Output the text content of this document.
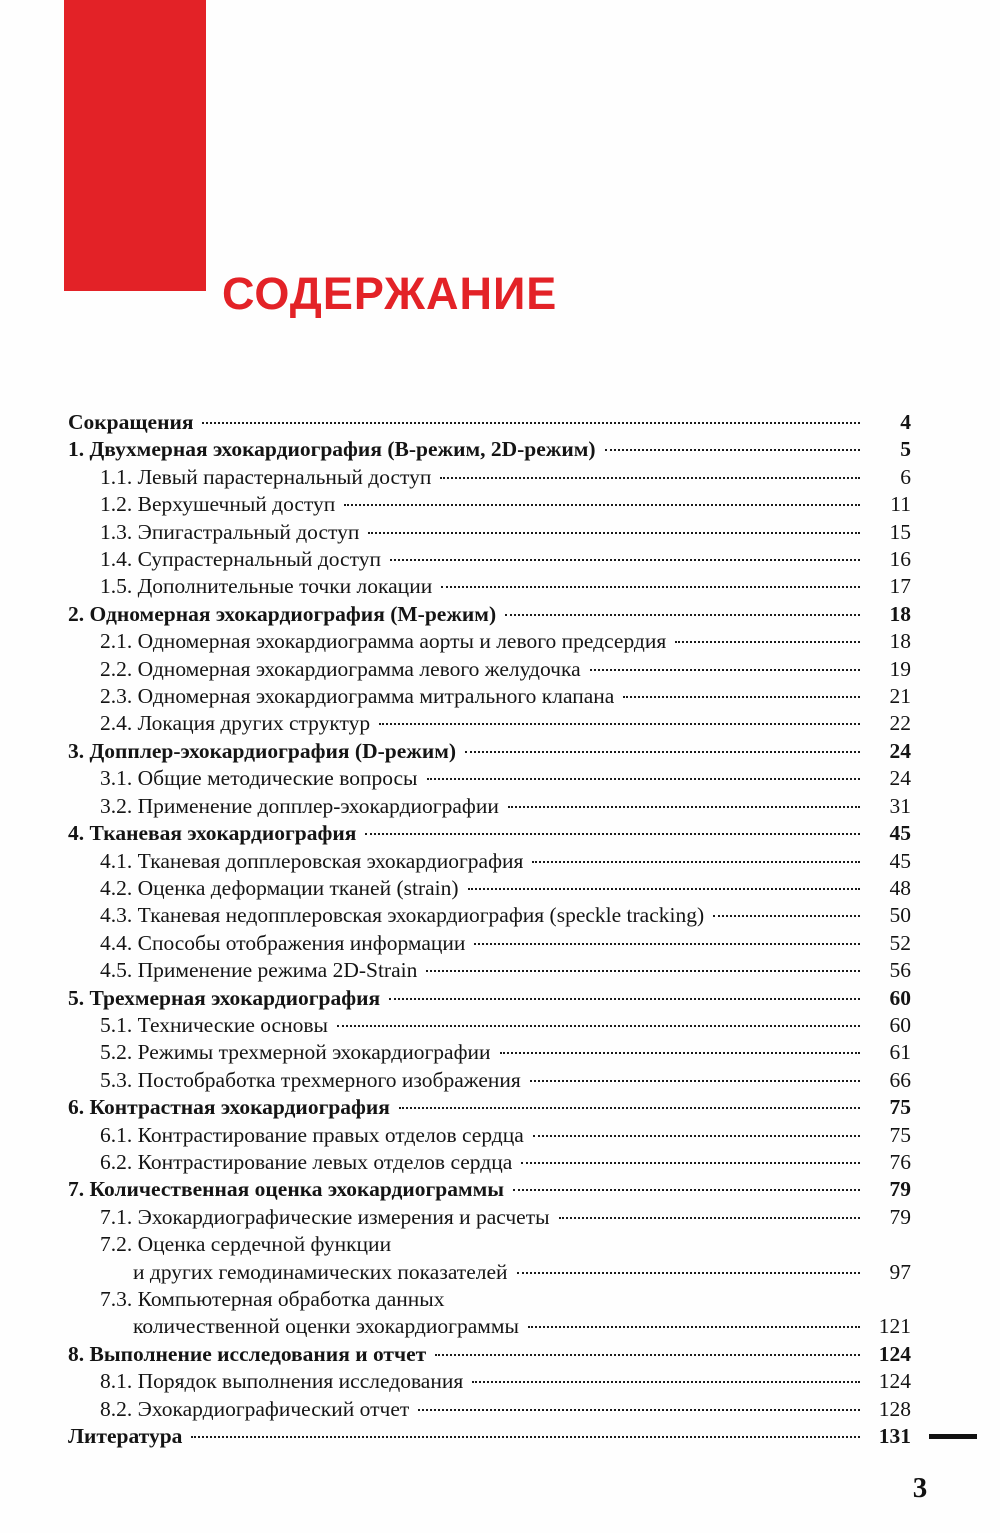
СОДЕРЖАНИЕ
Сокращения	4
1. Двухмерная эхокардиография (B-режим, 2D-режим)	5
1.1. Левый парастернальный доступ	6
1.2. Верхушечный доступ	11
1.3. Эпигастральный доступ	15
1.4. Супрастернальный доступ	16
1.5. Дополнительные точки локации	17
2. Одномерная эхокардиография (M-режим)	18
2.1. Одномерная эхокардиограмма аорты и левого предсердия	18
2.2. Одномерная эхокардиограмма левого желудочка	19
2.3. Одномерная эхокардиограмма митрального клапана	21
2.4. Локация других структур	22
3. Допплер-эхокардиография (D-режим)	24
3.1. Общие методические вопросы	24
3.2. Применение допплер-эхокардиографии	31
4. Тканевая эхокардиография	45
4.1. Тканевая допплеровская эхокардиография	45
4.2. Оценка деформации тканей (strain)	48
4.3. Тканевая недопплеровская эхокардиография (speckle tracking)	50
4.4. Способы отображения информации	52
4.5. Применение режима 2D-Strain	56
5. Трехмерная эхокардиография	60
5.1. Технические основы	60
5.2. Режимы трехмерной эхокардиографии	61
5.3. Постобработка трехмерного изображения	66
6. Контрастная эхокардиография	75
6.1. Контрастирование правых отделов сердца	75
6.2. Контрастирование левых отделов сердца	76
7. Количественная оценка эхокардиограммы	79
7.1. Эхокардиографические измерения и расчеты	79
7.2. Оценка сердечной функции
и других гемодинамических показателей	97
7.3. Компьютерная обработка данных
количественной оценки эхокардиограммы	121
8. Выполнение исследования и отчет	124
8.1. Порядок выполнения исследования	124
8.2. Эхокардиографический отчет	128
Литература	131
3
